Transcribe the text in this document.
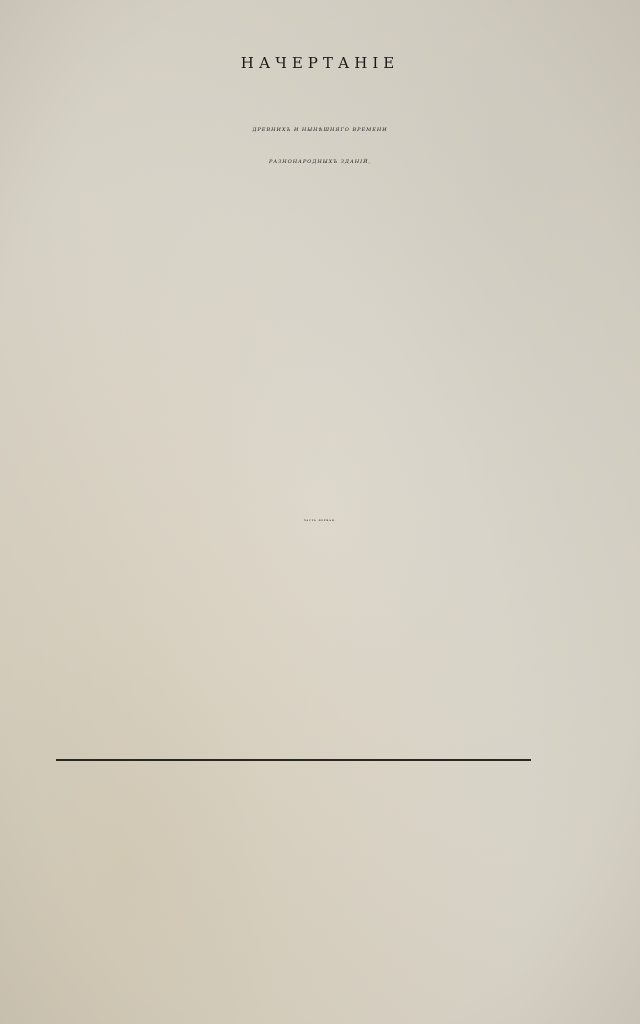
НАЧЕРТАНІЕ
ДРЕВНИХЪ И НЫНѢШНЯГО ВРЕМЕНИ
РАЗНОНАРОДНЫХЪ ЗДАНІЙ,
ЧАСТЬ ПЕРВАЯ.
